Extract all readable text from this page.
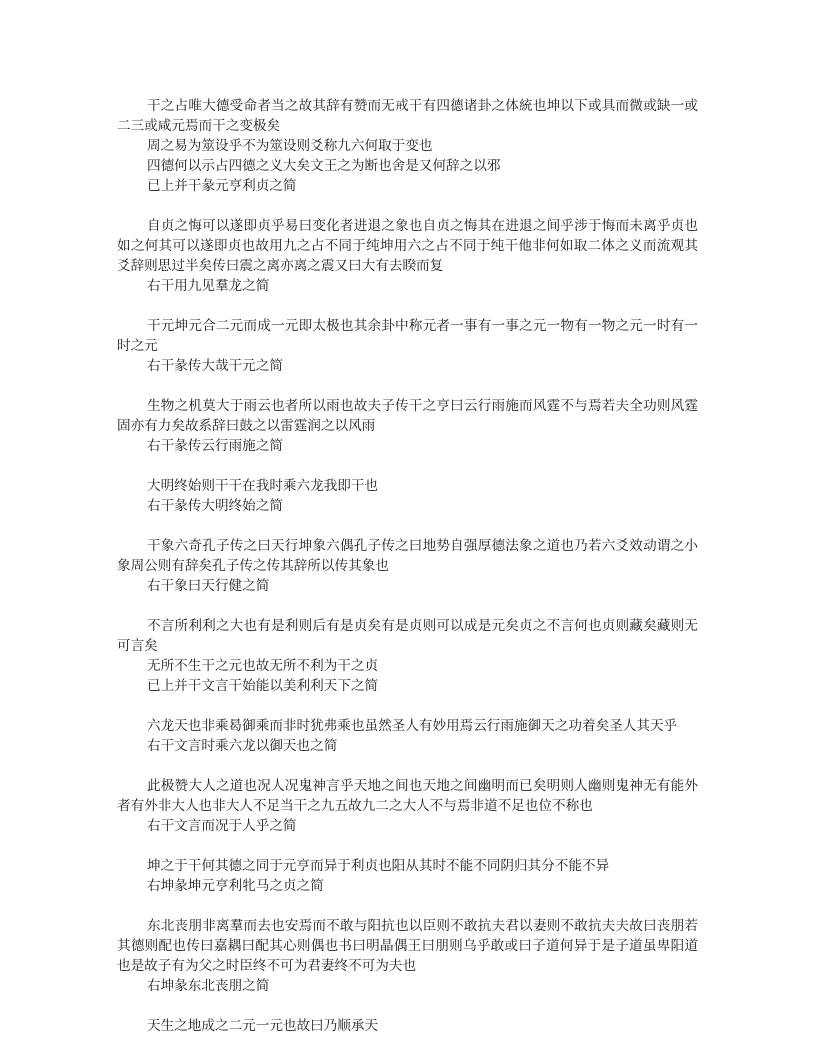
干之占唯大德受命者当之故其辞有赞而无戒干有四德诸卦之体統也坤以下或具而微或缺一或二三或咸元焉而干之变极矣
周之易为筮设乎不为筮设则爻称九六何取于变也
四德何以示占四德之义大矣文王之为断也舍是又何辞之以邪
已上并干彖元亨利贞之简
自贞之悔可以遂即贞乎易曰变化者进退之象也自贞之悔其在进退之间乎涉于悔而未离乎贞也如之何其可以遂即贞也故用九之占不同于纯坤用六之占不同于纯干他非何如取二体之义而流观其爻辞则思过半矣传曰震之离亦离之震又曰大有去睽而复
右干用九见羣龙之简
干元坤元合二元而成一元即太极也其余卦中称元者一事有一事之元一物有一物之元一时有一时之元
右干彖传大哉干元之简
生物之机莫大于雨云也者所以雨也故夫子传干之亨曰云行雨施而风霆不与焉若夫全功则风霆固亦有力矣故系辞曰鼓之以雷霆润之以风雨
右干彖传云行雨施之简
大明终始则干干在我时乘六龙我即干也
右干彖传大明终始之简
干象六奇孔子传之曰天行坤象六偶孔子传之曰地势自强厚德法象之道也乃若六爻效动谓之小象周公则有辞矣孔子传之传其辞所以传其象也
右干象曰天行健之简
不言所利利之大也有是利则后有是贞矣有是贞则可以成是元矣贞之不言何也贞则藏矣藏则无可言矣
无所不生干之元也故无所不利为干之贞
已上并干文言干始能以美利利天下之简
六龙天也非乘曷御乘而非时犹弗乘也虽然圣人有妙用焉云行雨施御天之功着矣圣人其天乎
右干文言时乘六龙以御天也之简
此极赞大人之道也况人况鬼神言乎天地之间也天地之间幽明而已矣明则人幽则鬼神无有能外者有外非大人也非大人不足当干之九五故九二之大人不与焉非道不足也位不称也
右干文言而况于人乎之简
坤之于干何其德之同于元亨而异于利贞也阳从其时不能不同阴归其分不能不异
右坤彖坤元亨利牝马之贞之简
东北丧朋非离羣而去也安焉而不敢与阳抗也以臣则不敢抗夫君以妻则不敢抗夫夫故曰丧朋若其德则配也传曰嘉耦曰配其心则偶也书曰明晶偶王曰朋则乌乎敢或曰子道何异于是子道虽卑阳道也是故子有为父之时臣终不可为君妻终不可为夫也
右坤彖东北丧朋之简
天生之地成之二元一元也故曰乃顺承天
